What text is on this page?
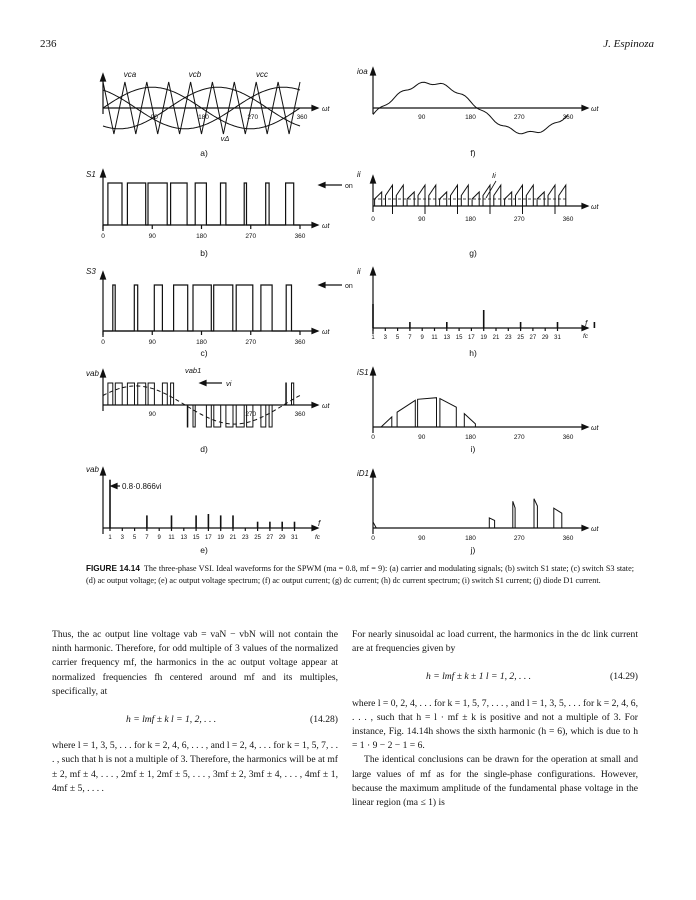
236	J. Espinoza
90	180	270	360
ωt
vca	vcb	vcc
vΔ
a)
0	90	180	270	360
ωt
S1
on
b)
0	90	180	270	360
ωt
S3
on
c)
90	270	360
ωt
vab	vab1
vi
d)
1 3 5 7 9 11 13 15 17 19 21 23 25 27 29 31
vab
0.8·0.866vi
f
fc
e)
90	180	270	360
ωt
ioa
f)
0	90	180	270	360
ωt
ii	Ii
g)
1 3 5 7 9 11 13 15 17 19 21 23 25 27 29 31
ii
f
fc
h)
0	90	180	270	360
ωt
iS1
i)
0	90	180	270	360
ωt
iD1
j)
FIGURE 14.14 The three-phase VSI. Ideal waveforms for the SPWM (ma = 0.8, mf = 9): (a) carrier and modulating signals; (b) switch S1 state; (c) switch S3 state; (d) ac output voltage; (e) ac output voltage spectrum; (f) ac output current; (g) dc current; (h) dc current spectrum; (i) switch S1 current; (j) diode D1 current.

Thus, the ac output line voltage vab = vaN − vbN will not contain the ninth harmonic. Therefore, for odd multiple of 3 values of the normalized carrier frequency mf, the harmonics in the ac output voltage appear at normalized frequencies fh centered around mf and its multiples, specifically, at

h = lmf ± k l = 1, 2, . . .	(14.28)

where l = 1, 3, 5, . . . for k = 2, 4, 6, . . . , and l = 2, 4, . . . for k = 1, 5, 7, . . . , such that h is not a multiple of 3. Therefore, the harmonics will be at mf ± 2, mf ± 4, . . . , 2mf ± 1, 2mf ± 5, . . . , 3mf ± 2, 3mf ± 4, . . . , 4mf ± 1, 4mf ± 5, . . . .

For nearly sinusoidal ac load current, the harmonics in the dc link current are at frequencies given by

h = lmf ± k ± 1 l = 1, 2, . . .	(14.29)

where l = 0, 2, 4, . . . for k = 1, 5, 7, . . . , and l = 1, 3, 5, . . . for k = 2, 4, 6, . . . , such that h = l · mf ± k is positive and not a multiple of 3. For instance, Fig. 14.14h shows the sixth harmonic (h = 6), which is due to h = 1 · 9 − 2 − 1 = 6.

The identical conclusions can be drawn for the operation at small and large values of mf as for the single-phase configurations. However, because the maximum amplitude of the fundamental phase voltage in the linear region (ma ≤ 1) is
